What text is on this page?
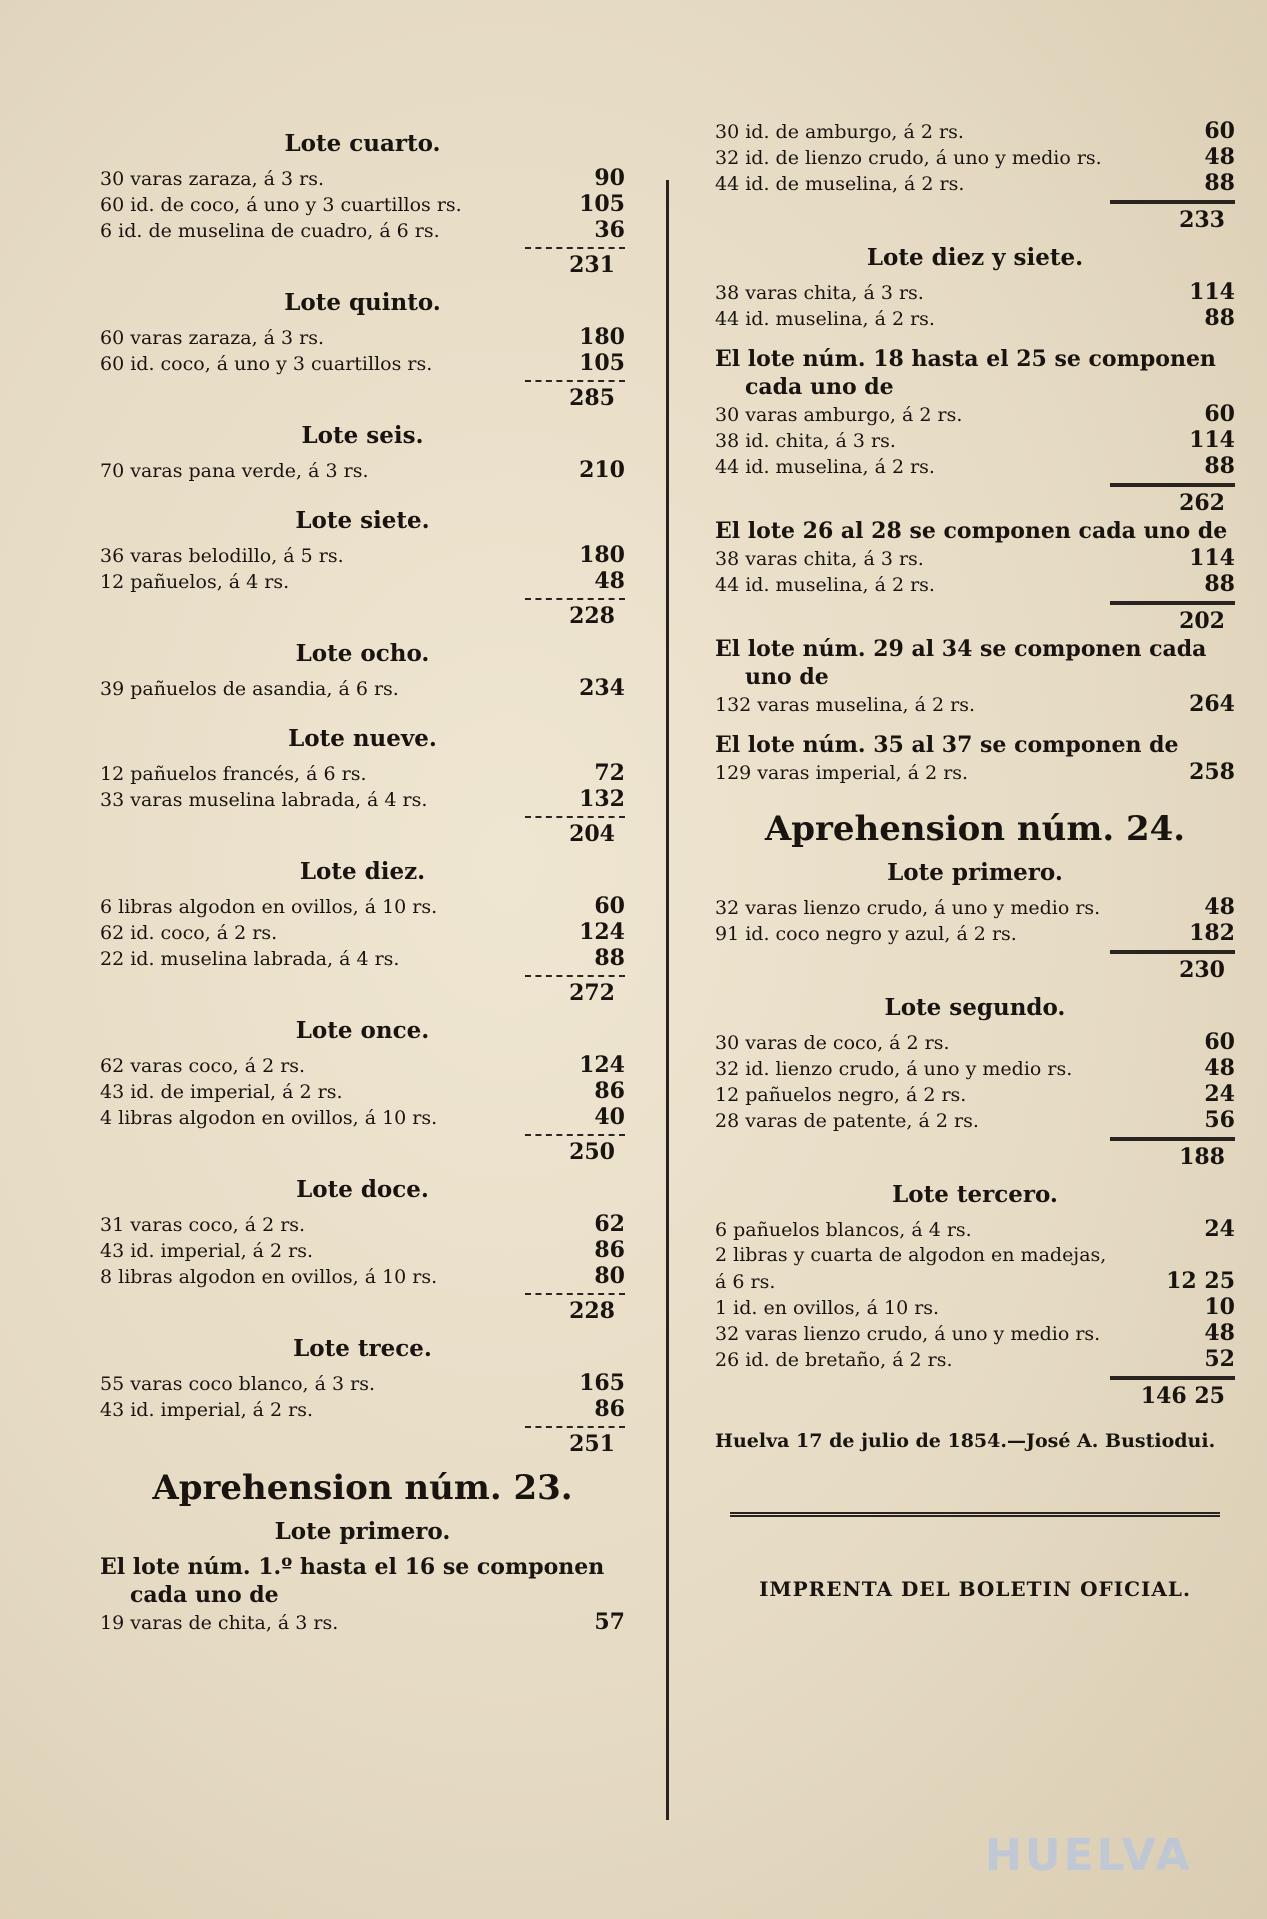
Lote cuarto.
30 varas zaraza, á 3 rs.	90
60 id. de coco, á uno y 3 cuartillos rs.	105
6 id. de muselina de cuadro, á 6 rs.	36
231
Lote quinto.
60 varas zaraza, á 3 rs.	180
60 id. coco, á uno y 3 cuartillos rs.	105
285
Lote seis.
70 varas pana verde, á 3 rs.	210
Lote siete.
36 varas belodillo, á 5 rs.	180
12 pañuelos, á 4 rs.	48
228
Lote ocho.
39 pañuelos de asandia, á 6 rs.	234
Lote nueve.
12 pañuelos francés, á 6 rs.	72
33 varas muselina labrada, á 4 rs.	132
204
Lote diez.
6 libras algodon en ovillos, á 10 rs.	60
62 id. coco, á 2 rs.	124
22 id. muselina labrada, á 4 rs.	88
272
Lote once.
62 varas coco, á 2 rs.	124
43 id. de imperial, á 2 rs.	86
4 libras algodon en ovillos, á 10 rs.	40
250
Lote doce.
31 varas coco, á 2 rs.	62
43 id. imperial, á 2 rs.	86
8 libras algodon en ovillos, á 10 rs.	80
228
Lote trece.
55 varas coco blanco, á 3 rs.	165
43 id. imperial, á 2 rs.	86
251
Aprehension núm. 23.
Lote primero.
El lote núm. 1.º hasta el 16 se componen
cada uno de
19 varas de chita, á 3 rs.	57
30 id. de amburgo, á 2 rs.	60
32 id. de lienzo crudo, á uno y medio rs.	48
44 id. de muselina, á 2 rs.	88
233
Lote diez y siete.
38 varas chita, á 3 rs.	114
44 id. muselina, á 2 rs.	88
El lote núm. 18 hasta el 25 se componen
cada uno de
30 varas amburgo, á 2 rs.	60
38 id. chita, á 3 rs.	114
44 id. muselina, á 2 rs.	88
262
El lote 26 al 28 se componen cada uno de
38 varas chita, á 3 rs.	114
44 id. muselina, á 2 rs.	88
202
El lote núm. 29 al 34 se componen cada
uno de
132 varas muselina, á 2 rs.	264
El lote núm. 35 al 37 se componen de
129 varas imperial, á 2 rs.	258
Aprehension núm. 24.
Lote primero.
32 varas lienzo crudo, á uno y medio rs.	48
91 id. coco negro y azul, á 2 rs.	182
230
Lote segundo.
30 varas de coco, á 2 rs.	60
32 id. lienzo crudo, á uno y medio rs.	48
12 pañuelos negro, á 2 rs.	24
28 varas de patente, á 2 rs.	56
188
Lote tercero.
6 pañuelos blancos, á 4 rs.	24
2 libras y cuarta de algodon en madejas,
á 6 rs.	12 25
1 id. en ovillos, á 10 rs.	10
32 varas lienzo crudo, á uno y medio rs.	48
26 id. de bretaño, á 2 rs.	52
146 25
Huelva 17 de julio de 1854.—José A. Bustiodui.
IMPRENTA DEL BOLETIN OFICIAL.
HUELVA
